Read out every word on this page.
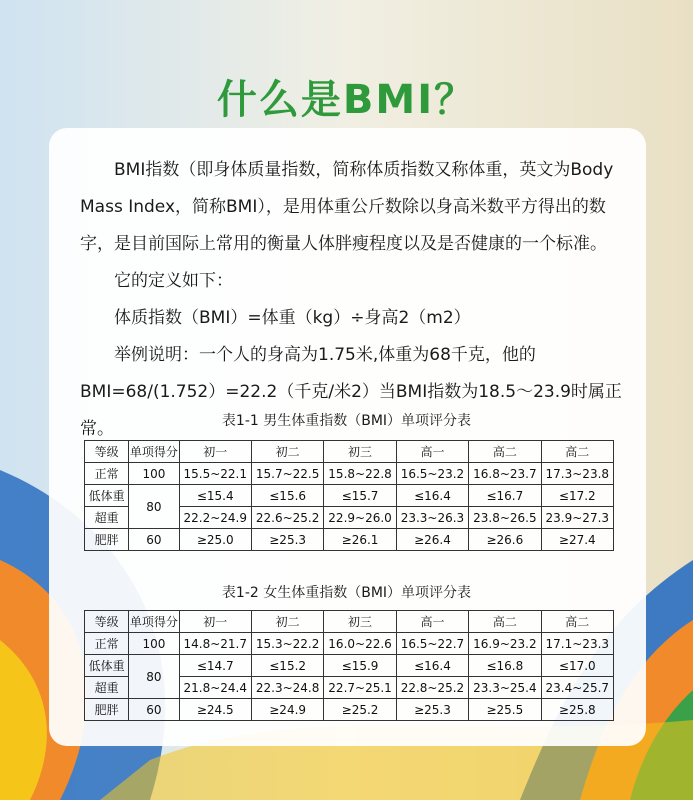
什么是BMI？

BMI指数（即身体质量指数，简称体质指数又称体重，英文为Body Mass Index，简称BMI），是用体重公斤数除以身高米数平方得出的数字，是目前国际上常用的衡量人体胖瘦程度以及是否健康的一个标准。

它的定义如下：

体质指数（BMI）=体重（kg）÷身高2（m2）

举例说明：一个人的身高为1.75米,体重为68千克，他的BMI=68/(1.752）=22.2（千克/米2）当BMI指数为18.5～23.9时属正常。	表1-1 男生体重指数（BMI）单项评分表
等级	单项得分	初一	初二	初三	高一	高二	高二
正常	100	15.5~22.1	15.7~22.5	15.8~22.8	16.5~23.2	16.8~23.7	17.3~23.8
低体重	80	≤15.4	≤15.6	≤15.7	≤16.4	≤16.7	≤17.2
超重		22.2~24.9	22.6~25.2	22.9~26.0	23.3~26.3	23.8~26.5	23.9~27.3
肥胖	60	≥25.0	≥25.3	≥26.1	≥26.4	≥26.6	≥27.4
表1-2 女生体重指数（BMI）单项评分表
等级	单项得分	初一	初二	初三	高一	高二	高二
正常	100	14.8~21.7	15.3~22.2	16.0~22.6	16.5~22.7	16.9~23.2	17.1~23.3
低体重	80	≤14.7	≤15.2	≤15.9	≤16.4	≤16.8	≤17.0
超重		21.8~24.4	22.3~24.8	22.7~25.1	22.8~25.2	23.3~25.4	23.4~25.7
肥胖	60	≥24.5	≥24.9	≥25.2	≥25.3	≥25.5	≥25.8
